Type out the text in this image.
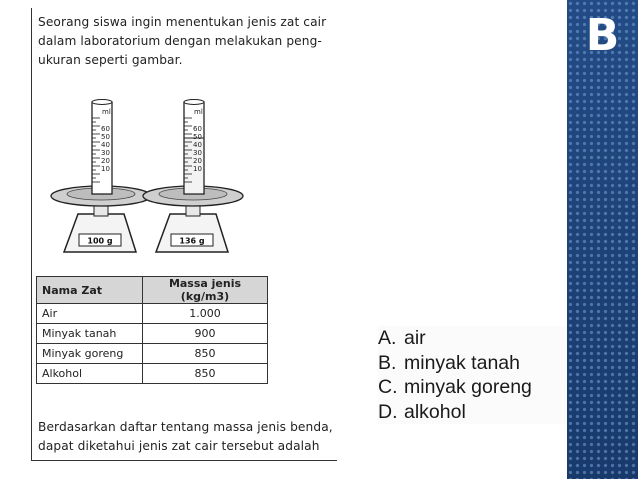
Seorang siswa ingin menentukan jenis zat cair
dalam laboratorium dengan melakukan peng-
ukuran seperti gambar.
ml
60
50
40
30
20
10
100 g
ml
60
50
40
30
20
10
136 g
Nama Zat	Massa jenis (kg/m3)
Air	1.000
Minyak tanah	900
Minyak goreng	850
Alkohol	850
Berdasarkan daftar tentang massa jenis benda,
dapat diketahui jenis zat cair tersebut adalah
A. air
B. minyak tanah
C. minyak goreng
D. alkohol
B
